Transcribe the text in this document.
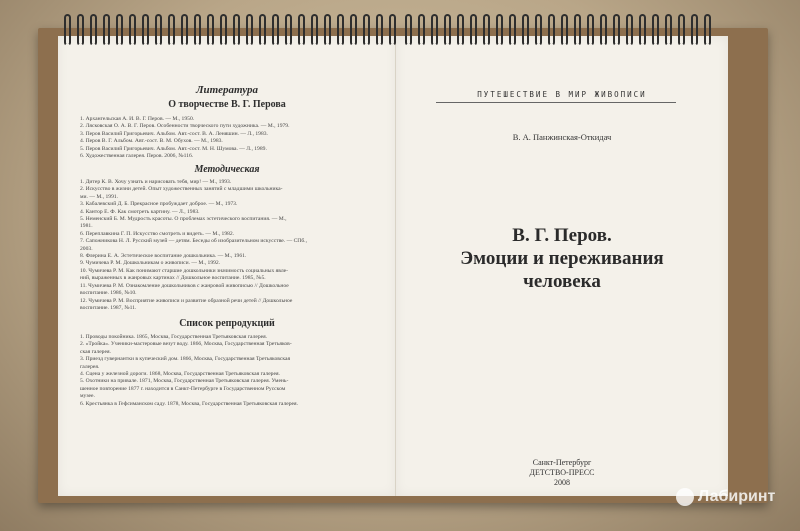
Литература
О творчестве В. Г. Перова
1. Архангельская А. И. В. Г. Перов. — М., 1950.
2. Лясковская О. А. В. Г. Перов. Особенности творческого пути художника. — М., 1979.
3. Перов Василий Григорьевич. Альбом. Авт.-сост. В. А. Леняшин. — Л., 1983.
4. Перов В. Г. Альбом. Авт.-сост. В. М. Обухов. — М., 1983.
5. Перов Василий Григорьевич. Альбом. Авт.-сост. М. Н. Шумова. — Л., 1989.
6. Художественная галерея. Перов. 2006, №116.
Методическая
1. Дитер К. В. Хочу узнать и нарисовать тебя, мир! — М., 1993.
2. Искусство в жизни детей. Опыт художественных занятий с младшими школьника-
ми. — М., 1991.
3. Кабалевский Д. Б. Прекрасное пробуждает доброе. — М., 1973.
4. Кантор Е. Ф. Как смотреть картину. — Л., 1983.
5. Неменский Б. М. Мудрость красоты. О проблемах эстетического воспитания. — М.,
1981.
6. Переплавкина Г. П. Искусство смотреть и видеть. — М., 1982.
7. Сапожникова Н. Л. Русский музей — детям. Беседы об изобразительном искусстве. — СПб.,
2003.
8. Флерина Е. А. Эстетическое воспитание дошкольника. — М., 1961.
9. Чумичева Р. М. Дошкольникам о живописи. — М., 1992.
10. Чумичева Р. М. Как понимают старшие дошкольники значимость социальных явле-
ний, выраженных в жанровых картинах // Дошкольное воспитание. 1985, №5.
11. Чумичева Р. М. Ознакомление дошкольников с жанровой живописью // Дошкольное
воспитание. 1986, №10.
12. Чумичева Р. М. Восприятие живописи и развитие образной речи детей // Дошкольное
воспитание. 1987, №11.
Список репродукций
1. Проводы покойника. 1865, Москва, Государственная Третьяковская галерея.
2. «Тройка». Ученики-мастеровые везут воду. 1866, Москва, Государственная Третьяков-
ская галерея.
3. Приезд гувернантки в купеческий дом. 1866, Москва, Государственная Третьяковская
галерея.
4. Сцена у железной дороги. 1868, Москва, Государственная Третьяковская галерея.
5. Охотники на привале. 1871, Москва, Государственная Третьяковская галерея. Умень-
шенное повторение 1877 г. находится в Санкт-Петербурге в Государственном Русском
музее.
6. Крестьянка в Гефсиманском саду. 1878, Москва, Государственная Третьяковская галерея.
ПУТЕШЕСТВИЕ В МИР ЖИВОПИСИ
В. А. Панжинская-Откидач
В. Г. Перов.
Эмоции и переживания
человека
Санкт-Петербург
ДЕТСТВО-ПРЕСС
2008
Лабиринт
